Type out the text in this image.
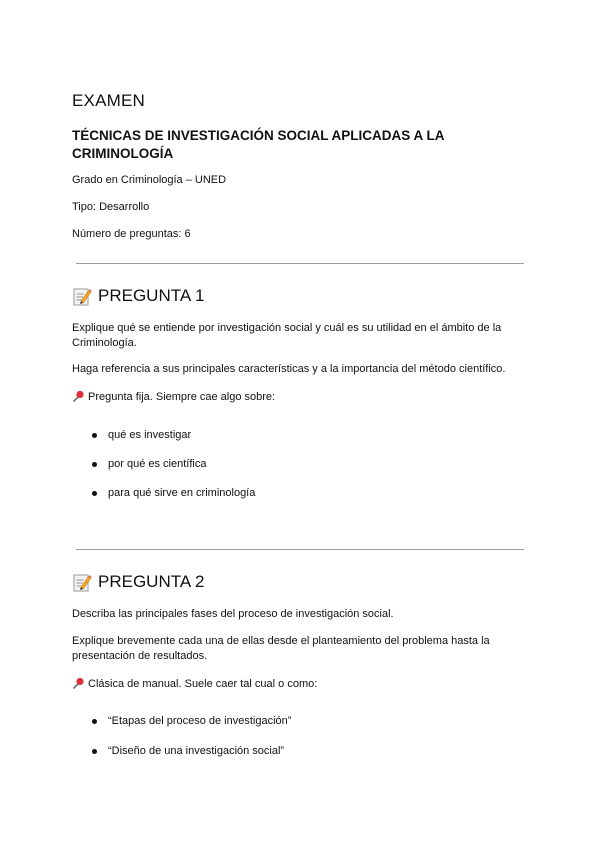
EXAMEN
TÉCNICAS DE INVESTIGACIÓN SOCIAL APLICADAS A LA CRIMINOLOGÍA

Grado en Criminología – UNED

Tipo: Desarrollo

Número de preguntas: 6

PREGUNTA 1

Explique qué se entiende por investigación social y cuál es su utilidad en el ámbito de la Criminología.

Haga referencia a sus principales características y a la importancia del método científico.

Pregunta fija. Siempre cae algo sobre:

qué es investigar

por qué es científica

para qué sirve en criminología

PREGUNTA 2

Describa las principales fases del proceso de investigación social.

Explique brevemente cada una de ellas desde el planteamiento del problema hasta la presentación de resultados.

Clásica de manual. Suele caer tal cual o como:

“Etapas del proceso de investigación”

“Diseño de una investigación social”
